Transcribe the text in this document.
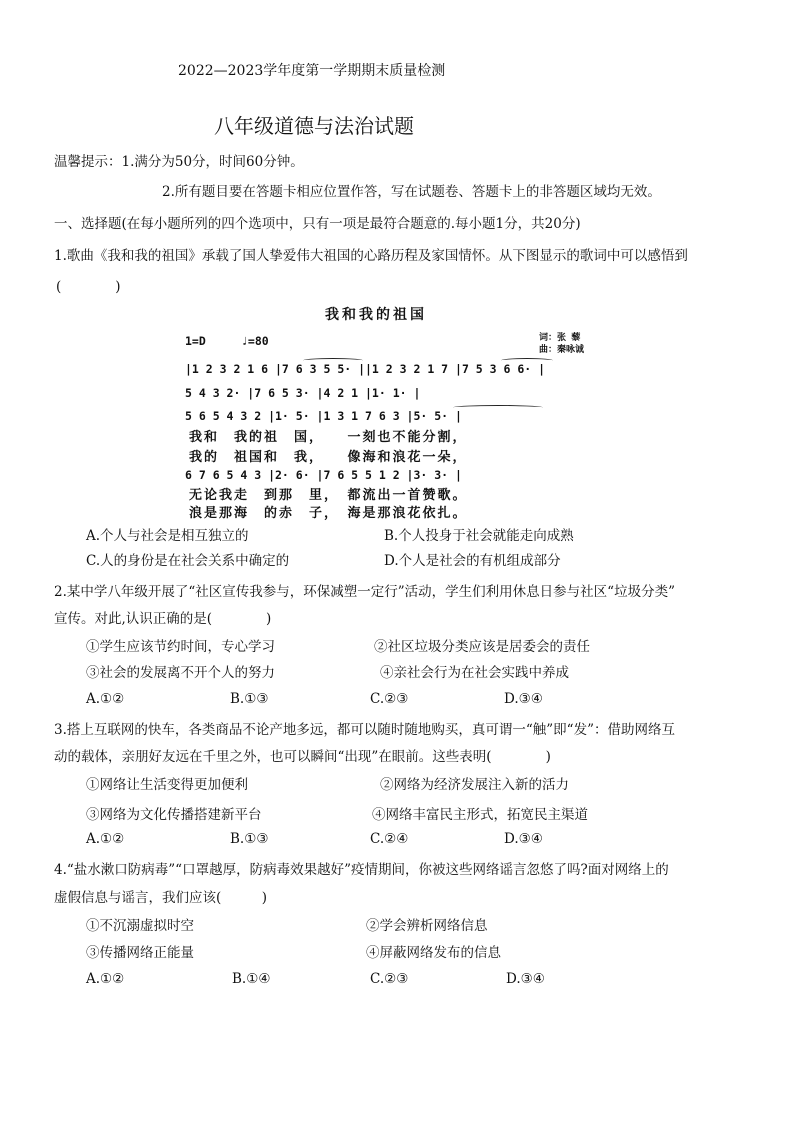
2022—2023学年度第一学期期末质量检测
八年级道德与法治试题
温馨提示：1.满分为50分，时间60分钟。
2.所有题目要在答题卡相应位置作答，写在试题卷、答题卡上的非答题区域均无效。
一、选择题(在每小题所列的四个选项中，只有一项是最符合题意的.每小题1分，共20分)
1.歌曲《我和我的祖国》承载了国人挚爱伟大祖国的心路历程及家国情怀。从下图显示的歌词中可以感悟到
(　　　　)
我和我的祖国
1=D	♩=80	词：张 藜
曲：秦咏诚
|1 2 3 2 1 6 |7 6 3 5 5· ||1 2 3 2 1 7 |7 5 3 6 6· |
5 4 3 2· |7 6 5 3· |4 2 1 |1· 1· |
5 6 5 4 3 2 |1· 5· |1 3 1 7 6 3 |5· 5· |
我和　我的祖　国，　　一刻也不能分割，
我的　祖国和　我，　　像海和浪花一朵，
6 7 6 5 4 3 |2· 6· |7 6 5 5 1 2 |3· 3· |
无论我走　到那　里，　都流出一首赞歌。
浪是那海　的赤　子，　海是那浪花依扎。
A.个人与社会是相互独立的	B.个人投身于社会就能走向成熟
C.人的身份是在社会关系中确定的	D.个人是社会的有机组成部分
2.某中学八年级开展了“社区宣传我参与，环保减塑一定行”活动，学生们利用休息日参与社区“垃圾分类”
宣传。对此,认识正确的是(　　　　)
①学生应该节约时间，专心学习	②社区垃圾分类应该是居委会的责任
③社会的发展离不开个人的努力	④亲社会行为在社会实践中养成
A.①②	B.①③	C.②③	D.③④
3.搭上互联网的快车，各类商品不论产地多远，都可以随时随地购买，真可谓一“触”即“发”：借助网络互
动的载体，亲朋好友远在千里之外，也可以瞬间“出现”在眼前。这些表明(　　　　)
①网络让生活变得更加便利	②网络为经济发展注入新的活力
③网络为文化传播搭建新平台	④网络丰富民主形式，拓宽民主渠道
A.①②	B.①③	C.②④	D.③④
4.“盐水漱口防病毒”“口罩越厚，防病毒效果越好”疫情期间，你被这些网络谣言忽悠了吗?面对网络上的
虚假信息与谣言，我们应该(　　　)
①不沉溺虚拟时空	②学会辨析网络信息
③传播网络正能量	④屏蔽网络发布的信息
A.①②	B.①④	C.②③	D.③④
